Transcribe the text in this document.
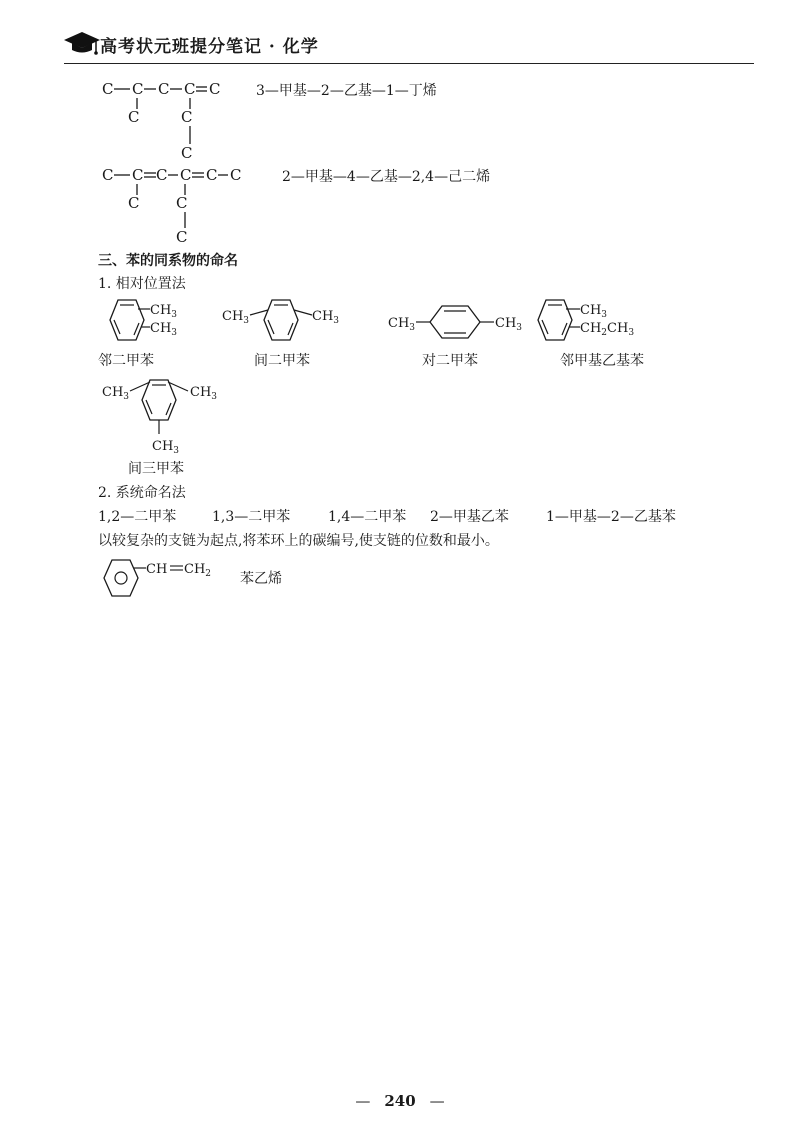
高考状元班提分笔记 · 化学
C C C C C
C	C
C
3—甲基—2—乙基—1—丁烯
C C C	C
C C
C
C	C	2—甲基—4—乙基—2,4—己二烯
三、苯的同系物的命名
1. 相对位置法
$CH_3$
$CH_3$
邻二甲苯
$CH_3$	$CH_3$
间二甲苯
$CH_3$	$CH_3$
对二甲苯
$CH_3$
$CH_2CH_3$
邻甲基乙基苯
$CH_3$	$CH_3$
$CH_3$
间三甲苯
2. 系统命名法
1,2—二甲苯	1,3—二甲苯	1,4—二甲苯 2—甲基乙苯	1—甲基—2—乙基苯
以较复杂的支链为起点,将苯环上的碳编号,使支链的位数和最小。
CH $CH_2$ 苯乙烯
— 240 —
